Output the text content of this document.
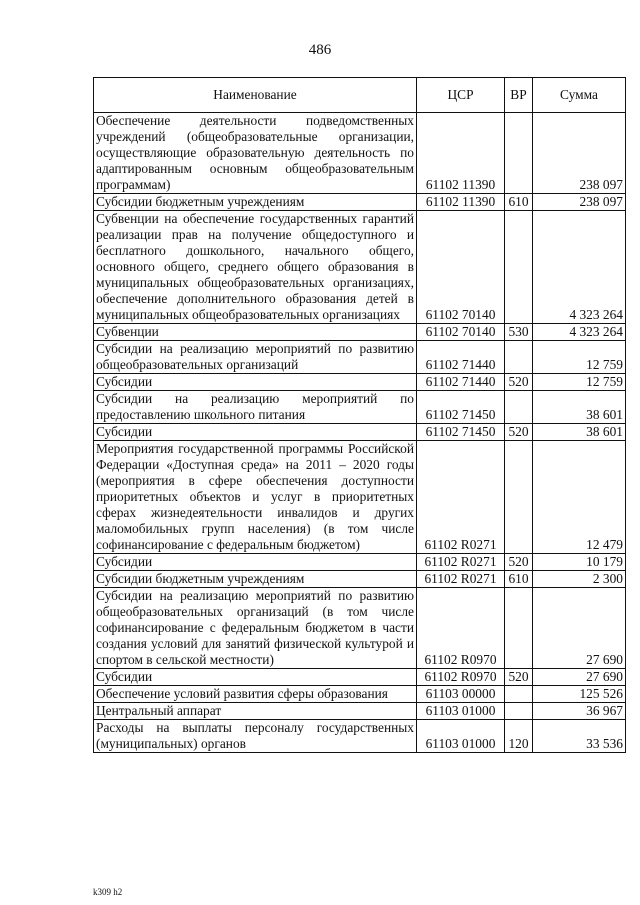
486
Наименование	ЦСР	ВР	Сумма
Обеспечение деятельности подведомственных учреждений (общеобразовательные организации, осуществляющие образовательную деятельность по адаптированным основным общеобразовательным программам)	61102 11390		238 097
Субсидии бюджетным учреждениям	61102 11390	610	238 097
Субвенции на обеспечение государственных гарантий реализации прав на получение общедоступного и бесплатного дошкольного, начального общего, основного общего, среднего общего образования в муниципальных общеобразовательных организациях, обеспечение дополнительного образования детей в муниципальных общеобразовательных организациях	61102 70140		4 323 264
Субвенции	61102 70140	530	4 323 264
Субсидии на реализацию мероприятий по развитию общеобразовательных организаций	61102 71440		12 759
Субсидии	61102 71440	520	12 759
Субсидии на реализацию мероприятий по предоставлению школьного питания	61102 71450		38 601
Субсидии	61102 71450	520	38 601
Мероприятия государственной программы Российской Федерации «Доступная среда» на 2011 – 2020 годы (мероприятия в сфере обеспечения доступности приоритетных объектов и услуг в приоритетных сферах жизнедеятельности инвалидов и других маломобильных групп населения) (в том числе софинансирование с федеральным бюджетом)	61102 R0271		12 479
Субсидии	61102 R0271	520	10 179
Субсидии бюджетным учреждениям	61102 R0271	610	2 300
Субсидии на реализацию мероприятий по развитию общеобразовательных организаций (в том числе софинансирование с федеральным бюджетом в части создания условий для занятий физической культурой и спортом в сельской местности)	61102 R0970		27 690
Субсидии	61102 R0970	520	27 690
Обеспечение условий развития сферы образования	61103 00000		125 526
Центральный аппарат	61103 01000		36 967
Расходы на выплаты персоналу государственных (муниципальных) органов	61103 01000	120	33 536
k309 h2
